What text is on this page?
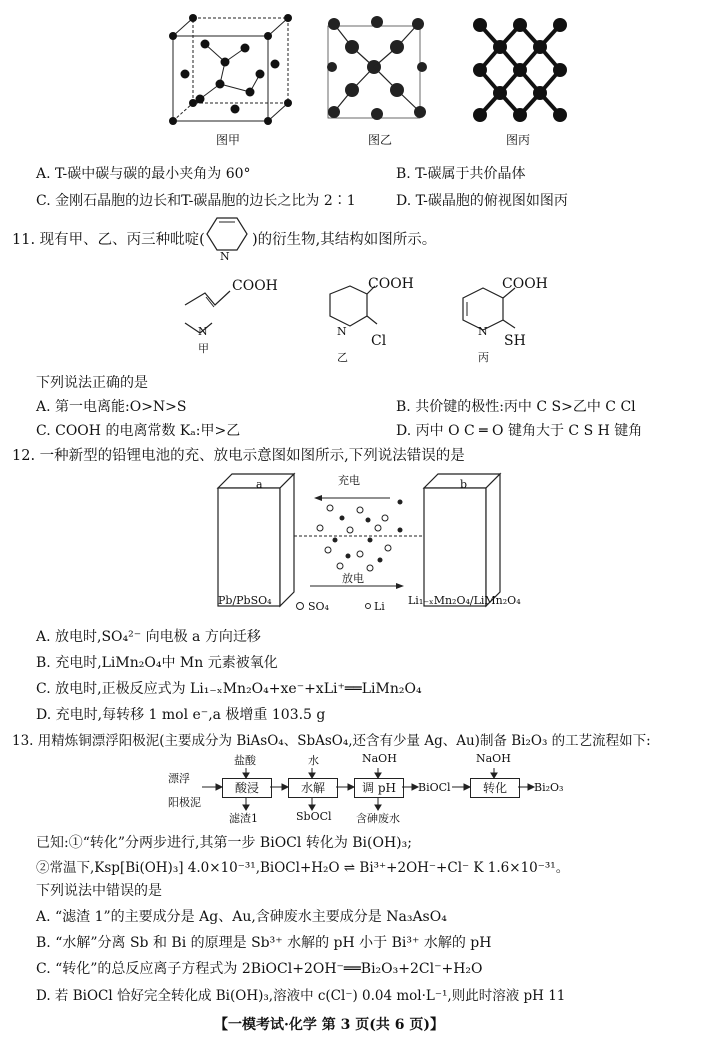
图甲	图乙	图丙
A. T-碳中碳与碳的最小夹角为 60°	B. T-碳属于共价晶体
C. 金刚石晶胞的边长和T-碳晶胞的边长之比为 2∶1	D. T-碳晶胞的俯视图如图丙
11. 现有甲、乙、丙三种吡啶(
N
)的衍生物,其结构如图所示。
COOH
N
甲
COOH
N
Cl
乙
COOH
N
SH
丙
下列说法正确的是
A. 第一电离能:O>N>S	B. 共价键的极性:丙中 C S>乙中 C Cl
C. COOH 的电离常数 Kₐ:甲>乙	D. 丙中 O C ═ O 键角大于 C S H 键角
12. 一种新型的铅锂电池的充、放电示意图如图所示,下列说法错误的是
a	b
充电
放电
Pb/PbSO₄	SO₄	Li Li₁₋ₓMn₂O₄/LiMn₂O₄
A. 放电时,SO₄²⁻ 向电极 a 方向迁移
B. 充电时,LiMn₂O₄中 Mn 元素被氧化
C. 放电时,正极反应式为 Li₁₋ₓMn₂O₄+xe⁻+xLi⁺══LiMn₂O₄
D. 充电时,每转移 1 mol e⁻,a 极增重 103.5 g
13. 用精炼铜漂浮阳极泥(主要成分为 BiAsO₄、SbAsO₄,还含有少量 Ag、Au)制备 Bi₂O₃ 的工艺流程如下:
漂浮
阳极泥
盐酸	水	NaOH	NaOH
酸浸	水解	调 pH	BiOCl	转化	Bi₂O₃
滤渣1	SbOCl 含砷废水
已知:①“转化”分两步进行,其第一步 BiOCl 转化为 Bi(OH)₃;
②常温下,Ksp[Bi(OH)₃] 4.0×10⁻³¹,BiOCl+H₂O ⇌ Bi³⁺+2OH⁻+Cl⁻ K 1.6×10⁻³¹。
下列说法中错误的是
A. “滤渣 1”的主要成分是 Ag、Au,含砷废水主要成分是 Na₃AsO₄
B. “水解”分离 Sb 和 Bi 的原理是 Sb³⁺ 水解的 pH 小于 Bi³⁺ 水解的 pH
C. “转化”的总反应离子方程式为 2BiOCl+2OH⁻══Bi₂O₃+2Cl⁻+H₂O
D. 若 BiOCl 恰好完全转化成 Bi(OH)₃,溶液中 c(Cl⁻) 0.04 mol·L⁻¹,则此时溶液 pH 11
【一模考试·化学 第 3 页(共 6 页)】
